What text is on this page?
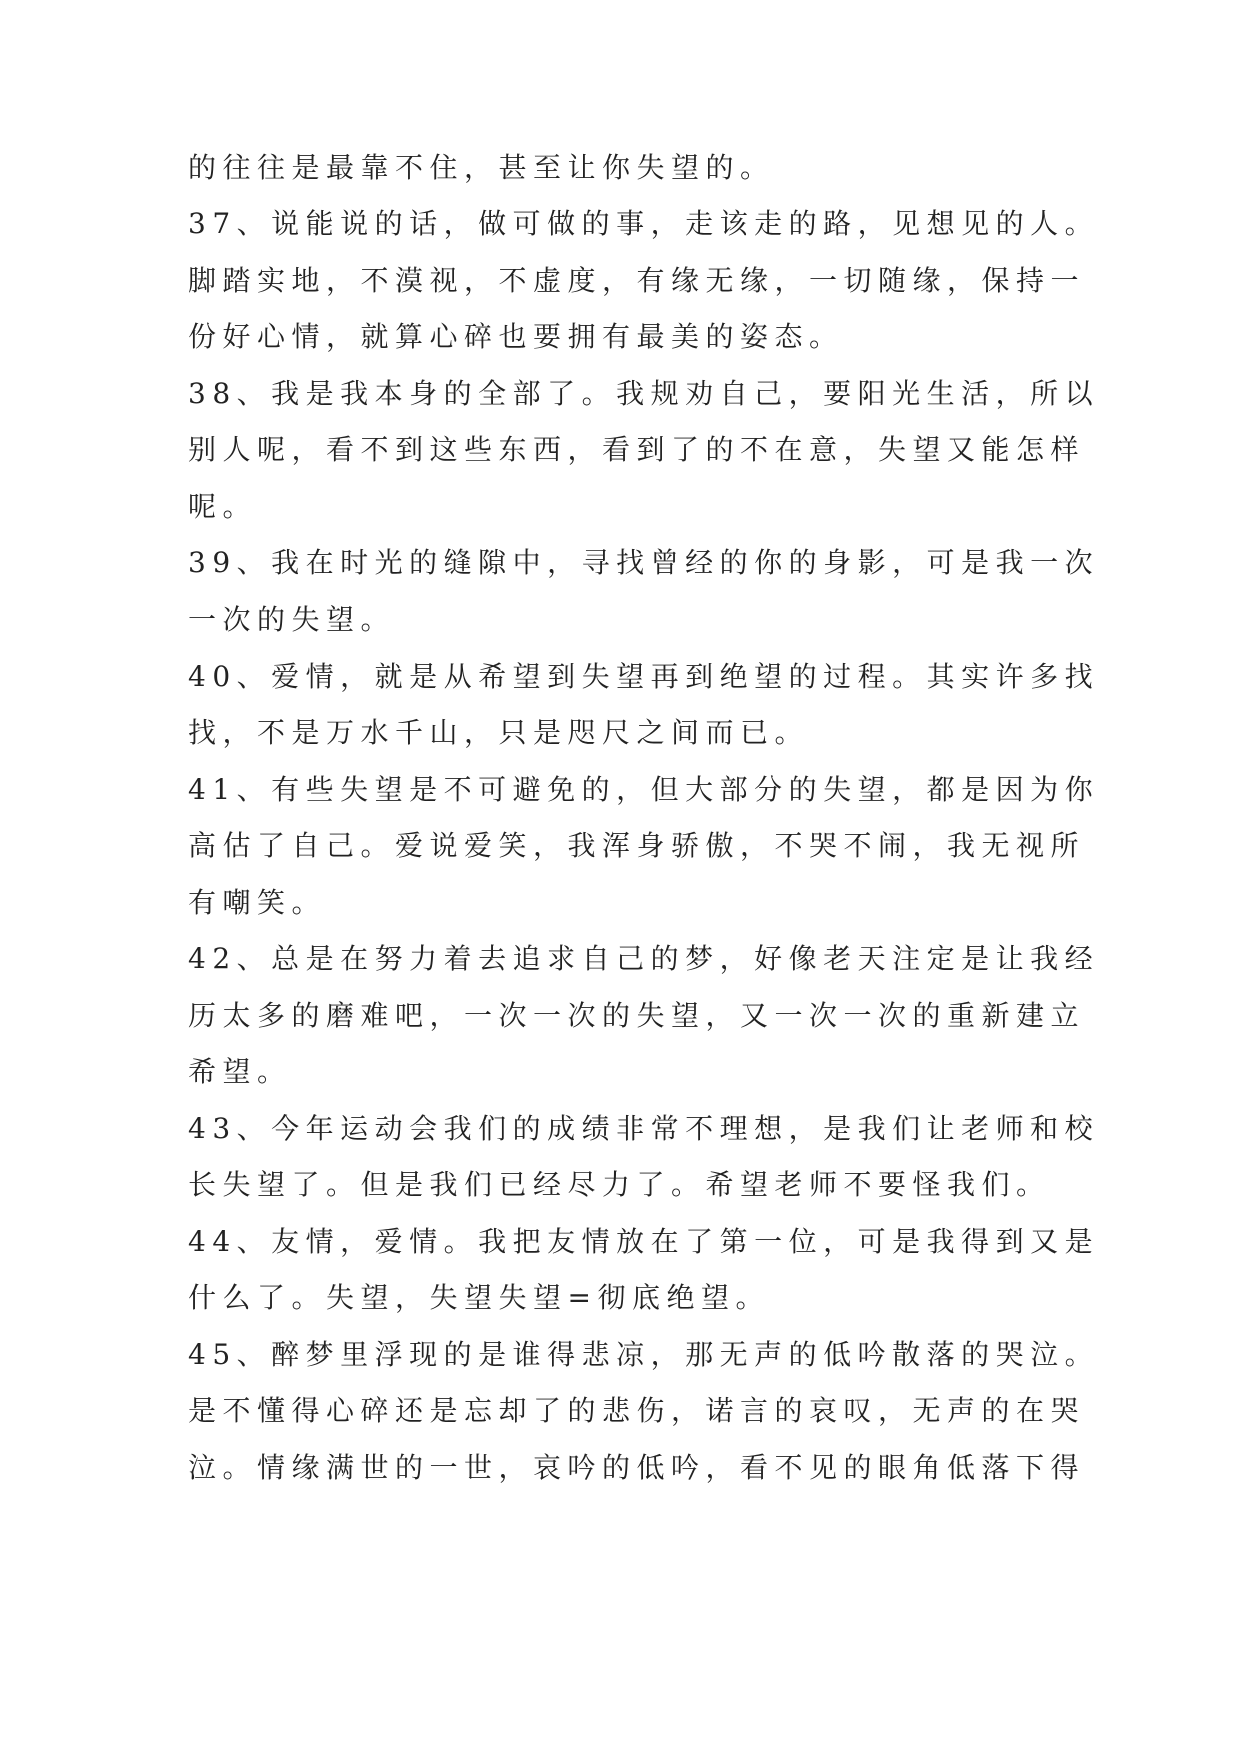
的往往是最靠不住，甚至让你失望的。

37、说能说的话，做可做的事，走该走的路，见想见的人。

脚踏实地，不漠视，不虚度，有缘无缘，一切随缘，保持一

份好心情，就算心碎也要拥有最美的姿态。

38、我是我本身的全部了。我规劝自己，要阳光生活，所以

别人呢，看不到这些东西，看到了的不在意，失望又能怎样

呢。

39、我在时光的缝隙中，寻找曾经的你的身影，可是我一次

一次的失望。

40、爱情，就是从希望到失望再到绝望的过程。其实许多找

找，不是万水千山，只是咫尺之间而已。

41、有些失望是不可避免的，但大部分的失望，都是因为你

高估了自己。爱说爱笑，我浑身骄傲，不哭不闹，我无视所

有嘲笑。

42、总是在努力着去追求自己的梦，好像老天注定是让我经

历太多的磨难吧，一次一次的失望，又一次一次的重新建立

希望。

43、今年运动会我们的成绩非常不理想，是我们让老师和校

长失望了。但是我们已经尽力了。希望老师不要怪我们。

44、友情，爱情。我把友情放在了第一位，可是我得到又是

什么了。失望，失望失望=彻底绝望。

45、醉梦里浮现的是谁得悲凉，那无声的低吟散落的哭泣。

是不懂得心碎还是忘却了的悲伤，诺言的哀叹，无声的在哭

泣。情缘满世的一世，哀吟的低吟，看不见的眼角低落下得
